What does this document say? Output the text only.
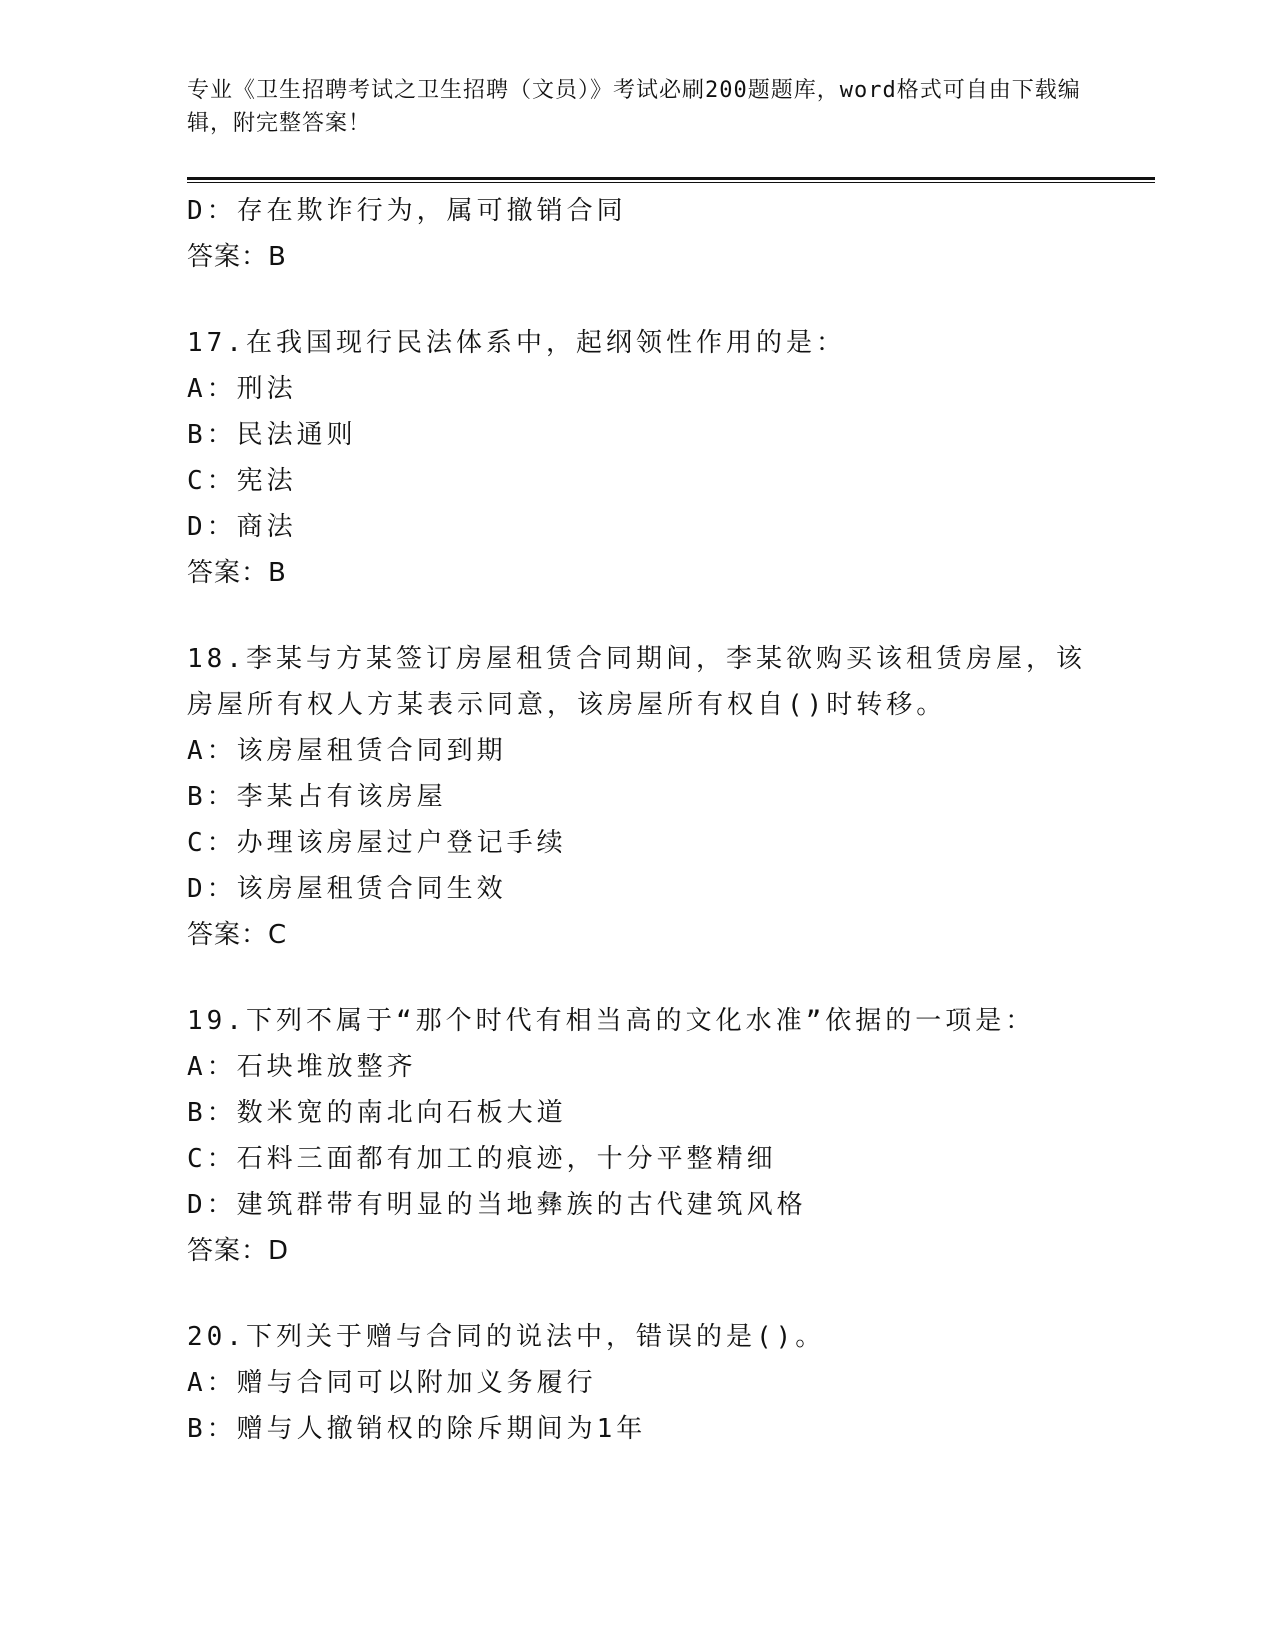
专业《卫生招聘考试之卫生招聘（文员）》考试必刷200题题库，word格式可自由下载编辑，附完整答案！
D：存在欺诈行为，属可撤销合同
答案：B
17.在我国现行民法体系中，起纲领性作用的是：
A：刑法
B：民法通则
C：宪法
D：商法
答案：B
18.李某与方某签订房屋租赁合同期间，李某欲购买该租赁房屋，该房屋所有权人方某表示同意，该房屋所有权自()时转移。
A：该房屋租赁合同到期
B：李某占有该房屋
C：办理该房屋过户登记手续
D：该房屋租赁合同生效
答案：C
19.下列不属于“那个时代有相当高的文化水准”依据的一项是：
A：石块堆放整齐
B：数米宽的南北向石板大道
C：石料三面都有加工的痕迹，十分平整精细
D：建筑群带有明显的当地彝族的古代建筑风格
答案：D
20.下列关于赠与合同的说法中，错误的是()。
A：赠与合同可以附加义务履行
B：赠与人撤销权的除斥期间为1年
